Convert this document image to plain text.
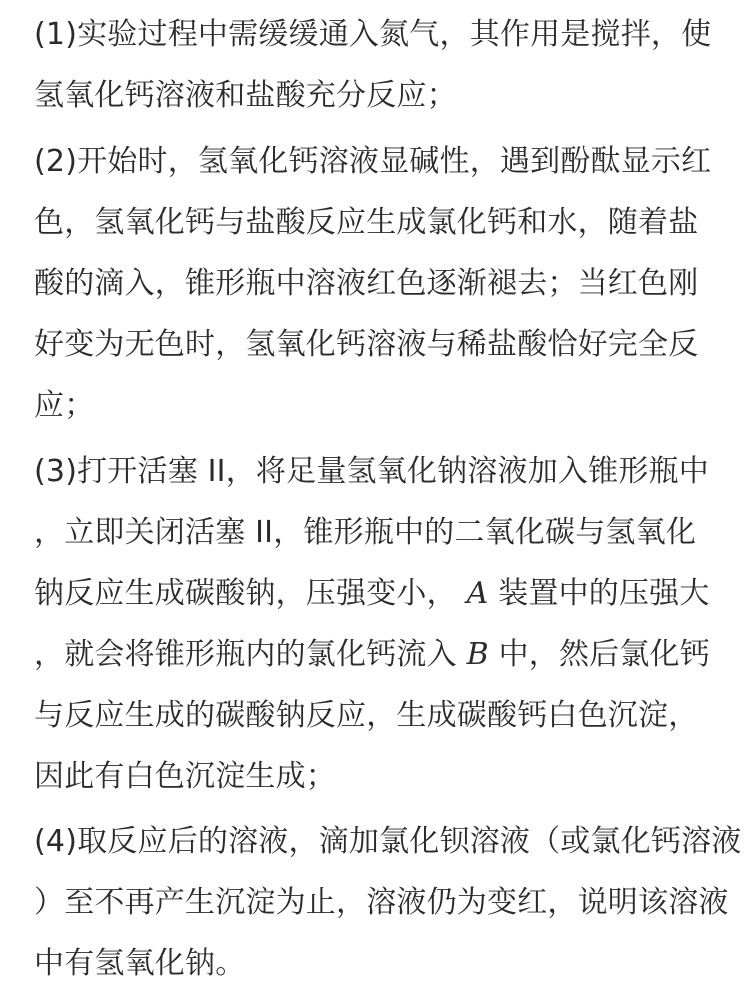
(1)实验过程中需缓缓通入氮气，其作用是搅拌，使
氢氧化钙溶液和盐酸充分反应；
(2)开始时，氢氧化钙溶液显碱性，遇到酚酞显示红
色，氢氧化钙与盐酸反应生成氯化钙和水，随着盐
酸的滴入，锥形瓶中溶液红色逐渐褪去；当红色刚
好变为无色时，氢氧化钙溶液与稀盐酸恰好完全反
应；
(3)打开活塞 II，将足量氢氧化钠溶液加入锥形瓶中
，立即关闭活塞 II，锥形瓶中的二氧化碳与氢氧化
钠反应生成碳酸钠，压强变小， A 装置中的压强大
，就会将锥形瓶内的氯化钙流入 B 中，然后氯化钙
与反应生成的碳酸钠反应，生成碳酸钙白色沉淀，
因此有白色沉淀生成；
(4)取反应后的溶液，滴加氯化钡溶液（或氯化钙溶液
）至不再产生沉淀为止，溶液仍为变红，说明该溶液
中有氢氧化钠。
